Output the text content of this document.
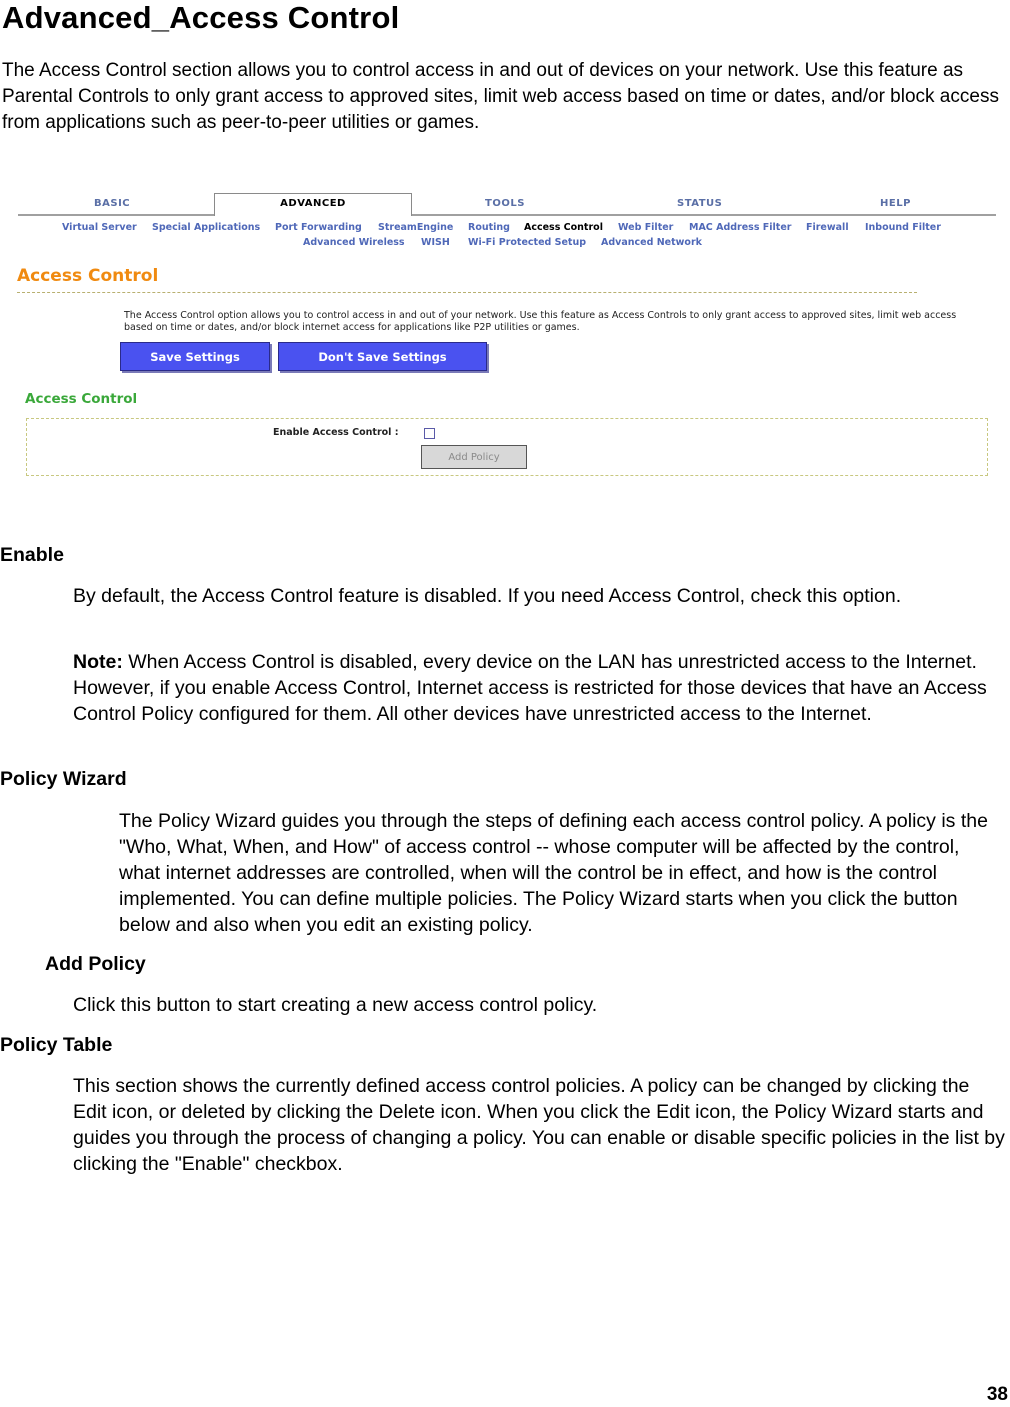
Advanced_Access Control

The Access Control section allows you to control access in and out of devices on your network. Use this feature as Parental Controls to only grant access to approved sites, limit web access based on time or dates, and/or block access from applications such as peer-to-peer utilities or games.

BASIC	ADVANCED	TOOLS	STATUS	HELP
Virtual Server Special Applications Port Forwarding StreamEngine Routing Access Control Web Filter MAC Address Filter Firewall Inbound Filter
Advanced Wireless WISH Wi-Fi Protected Setup Advanced Network
Access Control
The Access Control option allows you to control access in and out of your network. Use this feature as Access Controls to only grant access to approved sites, limit web access based on time or dates, and/or block internet access for applications like P2P utilities or games.
Save Settings	Don't Save Settings
Access Control
Enable Access Control :
Add Policy
Enable

By default, the Access Control feature is disabled. If you need Access Control, check this option.

Note: When Access Control is disabled, every device on the LAN has unrestricted access to the Internet. However, if you enable Access Control, Internet access is restricted for those devices that have an Access Control Policy configured for them. All other devices have unrestricted access to the Internet.

Policy Wizard

The Policy Wizard guides you through the steps of defining each access control policy. A policy is the "Who, What, When, and How" of access control -- whose computer will be affected by the control, what internet addresses are controlled, when will the control be in effect, and how is the control implemented. You can define multiple policies. The Policy Wizard starts when you click the button below and also when you edit an existing policy.

Add Policy

Click this button to start creating a new access control policy.

Policy Table

This section shows the currently defined access control policies. A policy can be changed by clicking the Edit icon, or deleted by clicking the Delete icon. When you click the Edit icon, the Policy Wizard starts and guides you through the process of changing a policy. You can enable or disable specific policies in the list by clicking the "Enable" checkbox.

38
